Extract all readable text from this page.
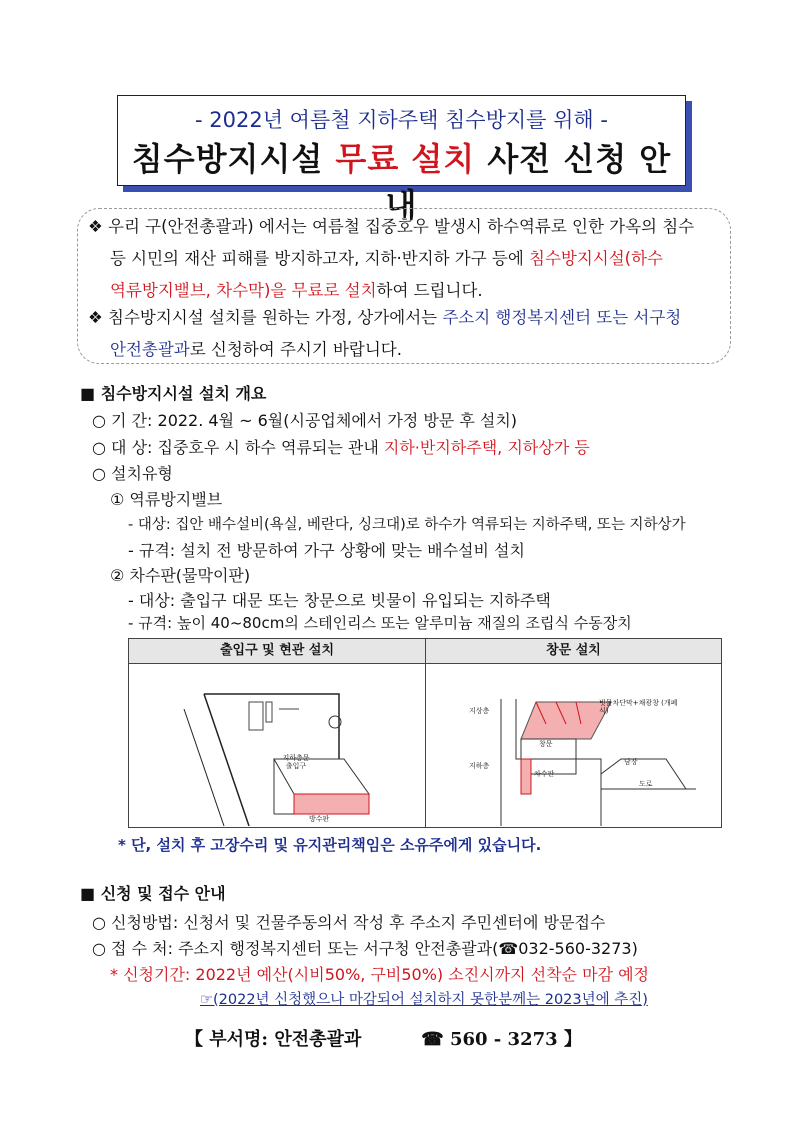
- 2022년 여름철 지하주택 침수방지를 위해 -
침수방지시설 무료 설치 사전 신청 안내
❖ 우리 구(안전총괄과) 에서는 여름철 집중호우 발생시 하수역류로 인한 가옥의 침수
등 시민의 재산 피해를 방지하고자, 지하·반지하 가구 등에 침수방지시설(하수
역류방지밸브, 차수막)을 무료로 설치하여 드립니다.
❖ 침수방지시설 설치를 원하는 가정, 상가에서는 주소지 행정복지센터 또는 서구청
안전총괄과로 신청하여 주시기 바랍니다.
■ 침수방지시설 설치 개요
○ 기 간: 2022. 4월 ~ 6월(시공업체에서 가정 방문 후 설치)
○ 대 상: 집중호우 시 하수 역류되는 관내 지하·반지하주택, 지하상가 등
○ 설치유형
① 역류방지밸브
- 대상: 집안 배수설비(욕실, 베란다, 싱크대)로 하수가 역류되는 지하주택, 또는 지하상가
- 규격: 설치 전 방문하여 가구 상황에 맞는 배수설비 설치
② 차수판(물막이판)
- 대상: 출입구 대문 또는 창문으로 빗물이 유입되는 지하주택
- 규격: 높이 40~80cm의 스테인리스 또는 알루미늄 재질의 조립식 수동장치
출입구 및 현관 설치	창문 설치
지하층문 출입구
방수판
지상층
지하층
빗물차단막+채광창 (개폐식)
창문
차수판
담장
도로
* 단, 설치 후 고장수리 및 유지관리책임은 소유주에게 있습니다.
■ 신청 및 접수 안내
○ 신청방법: 신청서 및 건물주동의서 작성 후 주소지 주민센터에 방문접수
○ 접 수 처: 주소지 행정복지센터 또는 서구청 안전총괄과(☎032-560-3273)
* 신청기간: 2022년 예산(시비50%, 구비50%) 소진시까지 선착순 마감 예정
☞(2022년 신청했으나 마감되어 설치하지 못한분께는 2023년에 추진)
【 부서명: 안전총괄과	☎ 560 - 3273 】
